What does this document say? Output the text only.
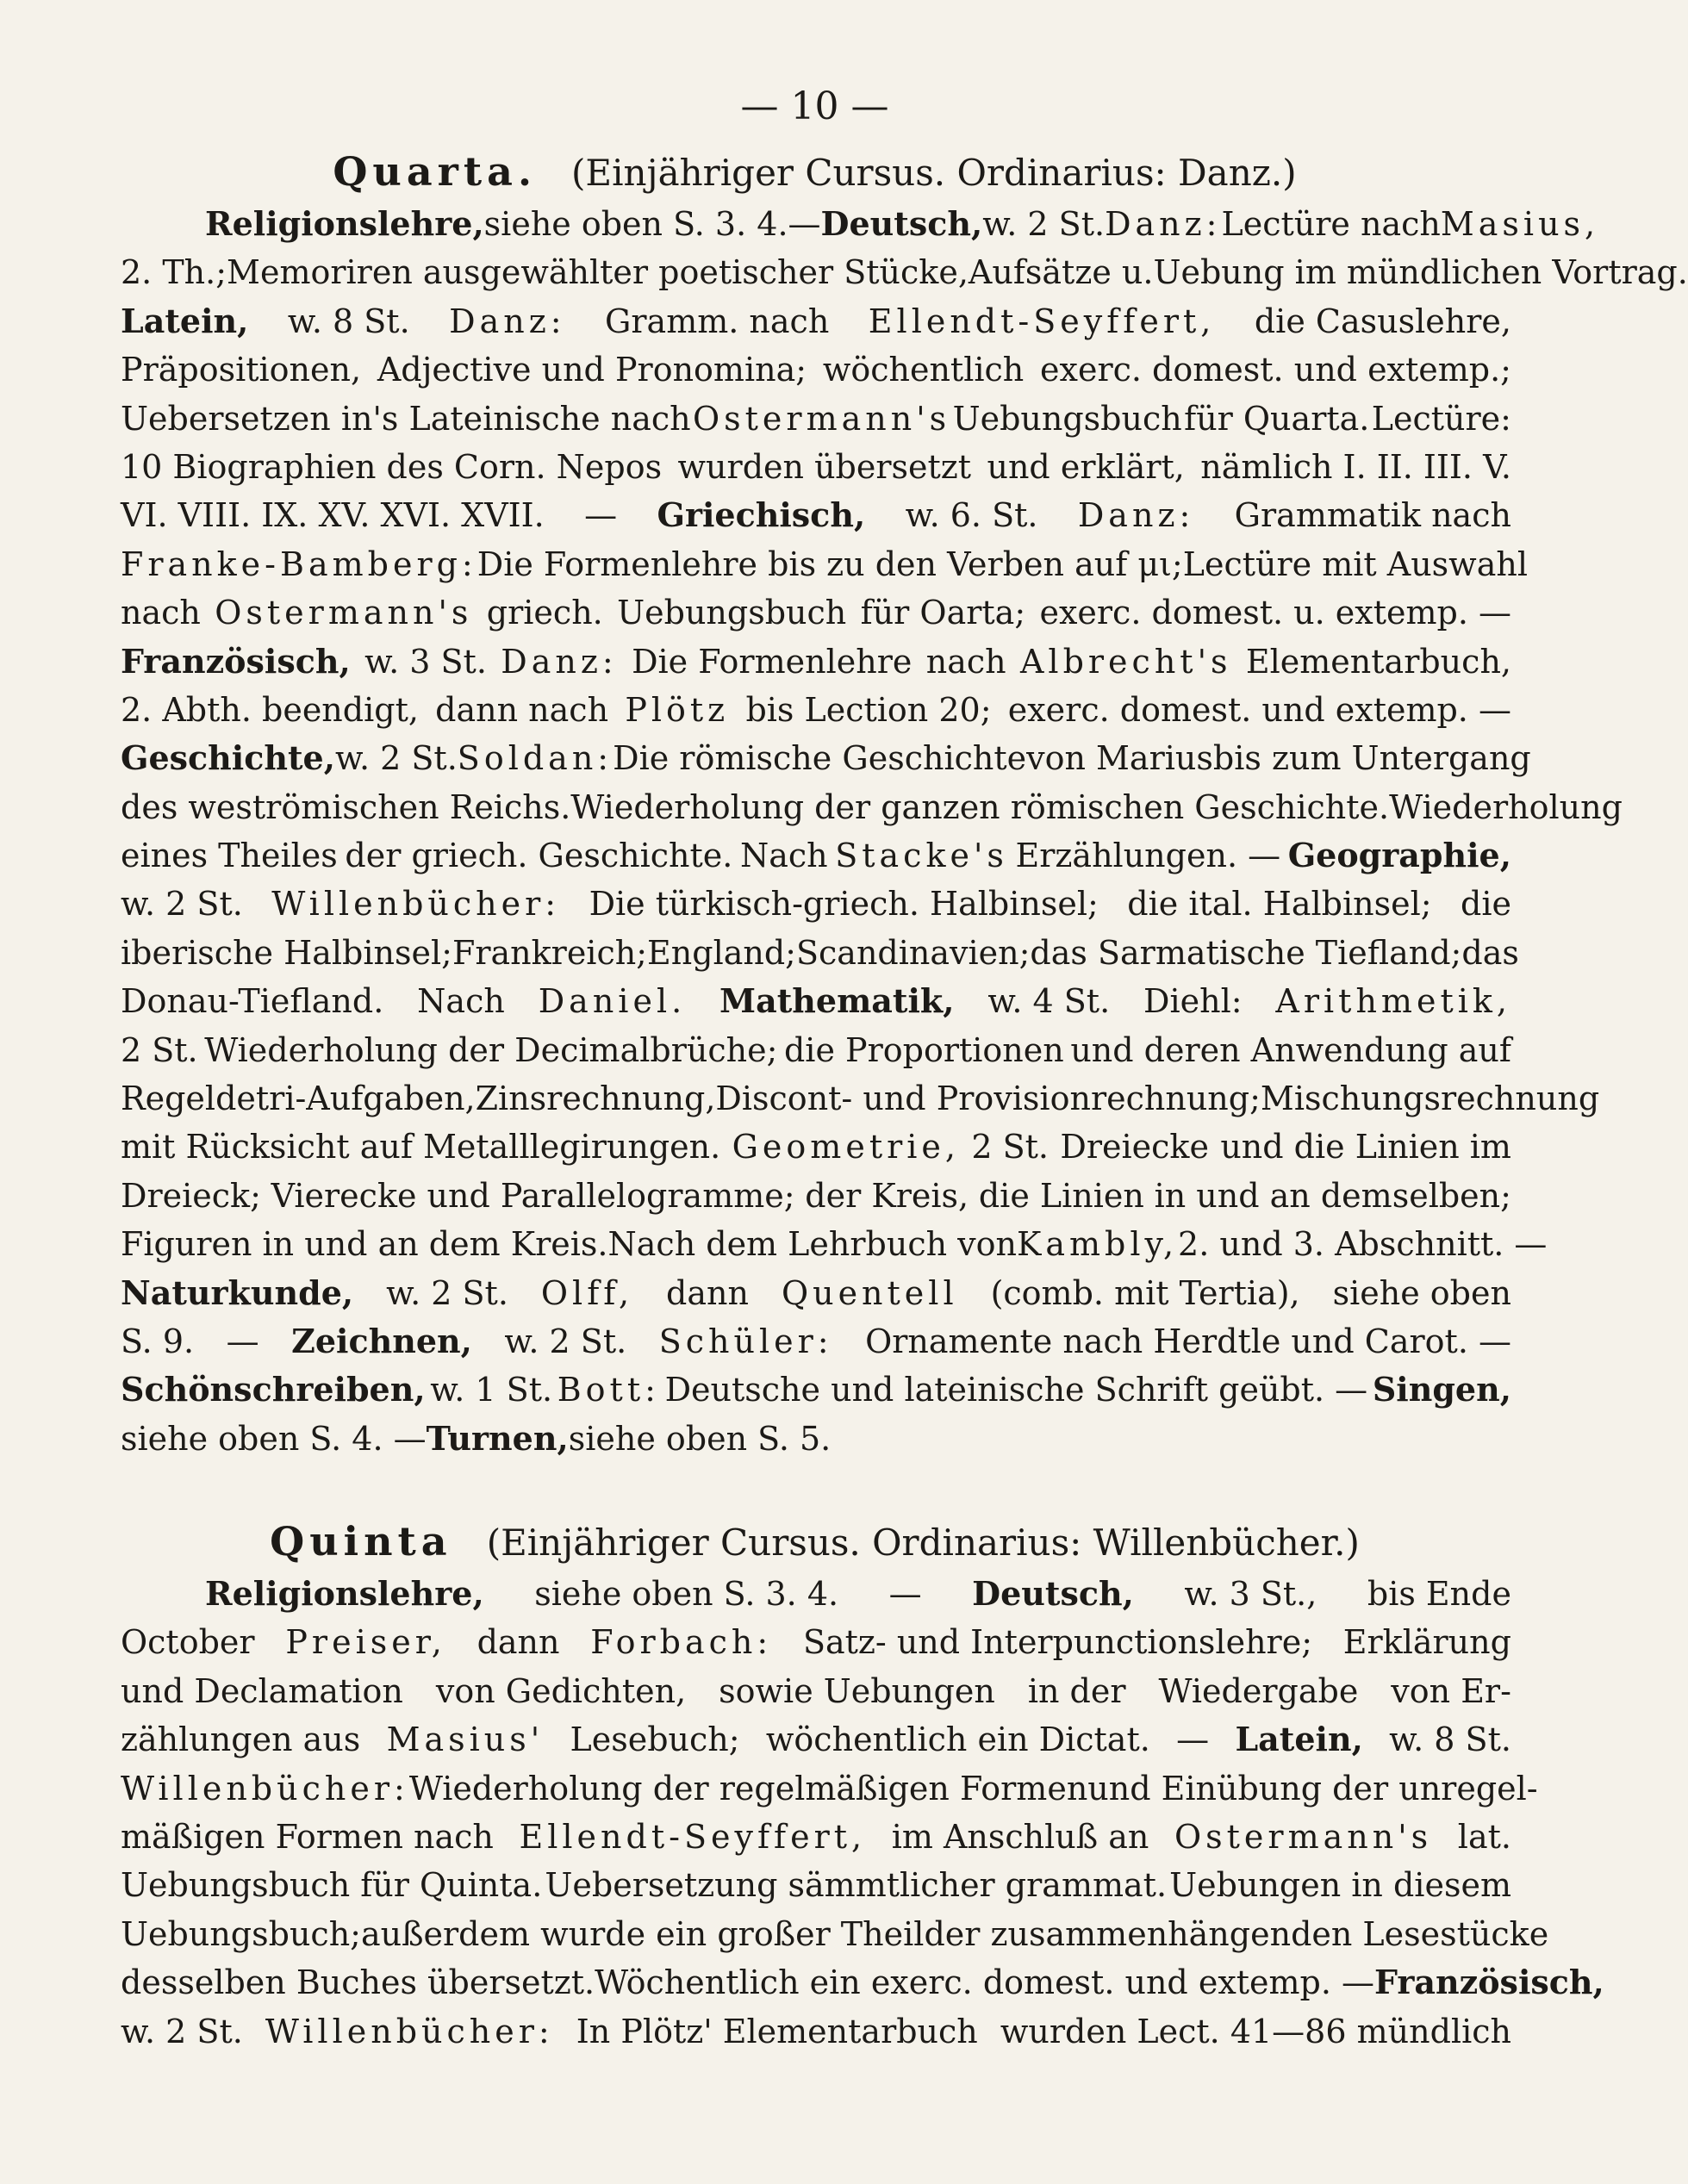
— 10 —
Quarta. (Einjähriger Cursus. Ordinarius: Danz.)
Religionslehre, siehe oben S. 3. 4. — Deutsch, w. 2 St. Danz: Lectüre nach Masius,
2. Th.; Memoriren ausgewählter poetischer Stücke, Aufsätze u. Uebung im mündlichen Vortrag.
Latein, w. 8 St. Danz: Gramm. nach Ellendt-Seyffert, die Casuslehre,
Präpositionen, Adjective und Pronomina; wöchentlich exerc. domest. und extemp.;
Uebersetzen in's Lateinische nach Ostermann's Uebungsbuch für Quarta. Lectüre:
10 Biographien des Corn. Nepos wurden übersetzt und erklärt, nämlich I. II. III. V.
VI. VIII. IX. XV. XVI. XVII. — Griechisch, w. 6. St. Danz: Grammatik nach
Franke-Bamberg: Die Formenlehre bis zu den Verben auf μι; Lectüre mit Auswahl
nach Ostermann's griech. Uebungsbuch für Oarta; exerc. domest. u. extemp. —
Französisch, w. 3 St. Danz: Die Formenlehre nach Albrecht's Elementarbuch,
2. Abth. beendigt, dann nach Plötz bis Lection 20; exerc. domest. und extemp. —
Geschichte, w. 2 St. Soldan: Die römische Geschichte von Marius bis zum Untergang
des weströmischen Reichs. Wiederholung der ganzen römischen Geschichte. Wiederholung
eines Theiles der griech. Geschichte. Nach Stacke's Erzählungen. — Geographie,
w. 2 St. Willenbücher: Die türkisch-griech. Halbinsel; die ital. Halbinsel; die
iberische Halbinsel; Frankreich; England; Scandinavien; das Sarmatische Tiefland; das
Donau-Tiefland. Nach Daniel. Mathematik, w. 4 St. Diehl: Arithmetik,
2 St. Wiederholung der Decimalbrüche; die Proportionen und deren Anwendung auf
Regeldetri-Aufgaben, Zinsrechnung, Discont- und Provisionrechnung; Mischungsrechnung
mit Rücksicht auf Metalllegirungen. Geometrie, 2 St. Dreiecke und die Linien im
Dreieck; Vierecke und Parallelogramme; der Kreis, die Linien in und an demselben;
Figuren in und an dem Kreis. Nach dem Lehrbuch von Kambly, 2. und 3. Abschnitt. —
Naturkunde, w. 2 St. Olff, dann Quentell (comb. mit Tertia), siehe oben
S. 9. — Zeichnen, w. 2 St. Schüler: Ornamente nach Herdtle und Carot. —
Schönschreiben, w. 1 St. Bott: Deutsche und lateinische Schrift geübt. — Singen,
siehe oben S. 4. — Turnen, siehe oben S. 5.
Quinta (Einjähriger Cursus. Ordinarius: Willenbücher.)
Religionslehre, siehe oben S. 3. 4. — Deutsch, w. 3 St., bis Ende
October Preiser, dann Forbach: Satz- und Interpunctionslehre; Erklärung
und Declamation von Gedichten, sowie Uebungen in der Wiedergabe von Er-
zählungen aus Masius' Lesebuch; wöchentlich ein Dictat. — Latein, w. 8 St.
Willenbücher: Wiederholung der regelmäßigen Formen und Einübung der unregel-
mäßigen Formen nach Ellendt-Seyffert, im Anschluß an Ostermann's lat.
Uebungsbuch für Quinta. Uebersetzung sämmtlicher grammat. Uebungen in diesem
Uebungsbuch; außerdem wurde ein großer Theil der zusammenhängenden Lesestücke
desselben Buches übersetzt. Wöchentlich ein exerc. domest. und extemp. — Französisch,
w. 2 St. Willenbücher: In Plötz' Elementarbuch wurden Lect. 41—86 mündlich
